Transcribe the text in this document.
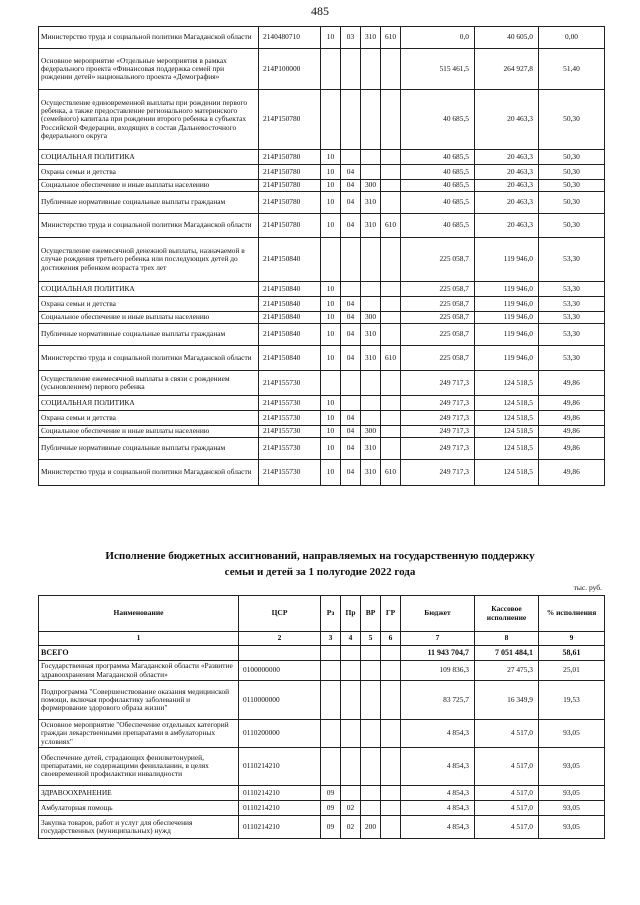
485
Министерство труда и социальной политики Магаданской области	2140480710	10	03	310	610	0,0	40 605,0	0,00
Основное мероприятие «Отдельные мероприятия в рамках федерального проекта «Финансовая поддержка семей при рождении детей» национального проекта «Демография»	214P100000					515 461,5	264 927,8	51,40
Осуществление единовременной выплаты при рождении первого ребенка, а также предоставление регионального материнского (семейного) капитала при рождении второго ребенка в субъектах Российской Федерации, входящих в состав Дальневосточного федерального округа	214P150780					40 685,5	20 463,3	50,30
СОЦИАЛЬНАЯ ПОЛИТИКА	214P150780	10				40 685,5	20 463,3	50,30
Охрана семьи и детства	214P150780	10	04			40 685,5	20 463,3	50,30
Социальное обеспечение и иные выплаты населению	214P150780	10	04	300		40 685,5	20 463,3	50,30
Публичные нормативные социальные выплаты гражданам	214P150780	10	04	310		40 685,5	20 463,3	50,30
Министерство труда и социальной политики Магаданской области	214P150780	10	04	310	610	40 685,5	20 463,3	50,30
Осуществление ежемесячной денежной выплаты, назначаемой в случае рождения третьего ребенка или последующих детей до достижения ребенком возраста трех лет	214P150840					225 058,7	119 946,0	53,30
СОЦИАЛЬНАЯ ПОЛИТИКА	214P150840	10				225 058,7	119 946,0	53,30
Охрана семьи и детства	214P150840	10	04			225 058,7	119 946,0	53,30
Социальное обеспечение и иные выплаты населению	214P150840	10	04	300		225 058,7	119 946,0	53,30
Публичные нормативные социальные выплаты гражданам	214P150840	10	04	310		225 058,7	119 946,0	53,30
Министерство труда и социальной политики Магаданской области	214P150840	10	04	310	610	225 058,7	119 946,0	53,30
Осуществление ежемесячной выплаты в связи с рождением (усыновлением) первого ребенка	214P155730					249 717,3	124 518,5	49,86
СОЦИАЛЬНАЯ ПОЛИТИКА	214P155730	10				249 717,3	124 518,5	49,86
Охрана семьи и детства	214P155730	10	04			249 717,3	124 518,5	49,86
Социальное обеспечение и иные выплаты населению	214P155730	10	04	300		249 717,3	124 518,5	49,86
Публичные нормативные социальные выплаты гражданам	214P155730	10	04	310		249 717,3	124 518,5	49,86
Министерство труда и социальной политики Магаданской области	214P155730	10	04	310	610	249 717,3	124 518,5	49,86
Исполнение бюджетных ассигнований, направляемых на государственную поддержку
семьи и детей за 1 полугодие 2022 года
тыс. руб.
Наименование	ЦСР	Рз	Пр	ВР	ГР	Бюджет	Кассовое исполнение	% исполнения
1	2	3	4	5	6	7	8	9
ВСЕГО						11 943 704,7	7 051 484,1	58,61
Государственная программа Магаданской области «Развитие здравоохранения Магаданской области»	0100000000					109 836,3	27 475,3	25,01
Подпрограмма "Совершенствование оказания медицинской помощи, включая профилактику заболеваний и формирование здорового образа жизни"	0110000000					83 725,7	16 349,9	19,53
Основное мероприятие "Обеспечение отдельных категорий граждан лекарственными препаратами в амбулаторных условиях"	0110200000					4 854,3	4 517,0	93,05
Обеспечение детей, страдающих фенилкетонурией, препаратами, не содержащими фенилаланин, в целях своевременной профилактики инвалидности	0110214210					4 854,3	4 517,0	93,05
ЗДРАВООХРАНЕНИЕ	0110214210	09				4 854,3	4 517,0	93,05
Амбулаторная помощь	0110214210	09	02			4 854,3	4 517,0	93,05
Закупка товаров, работ и услуг для обеспечения государственных (муниципальных) нужд	0110214210	09	02	200		4 854,3	4 517,0	93,05
